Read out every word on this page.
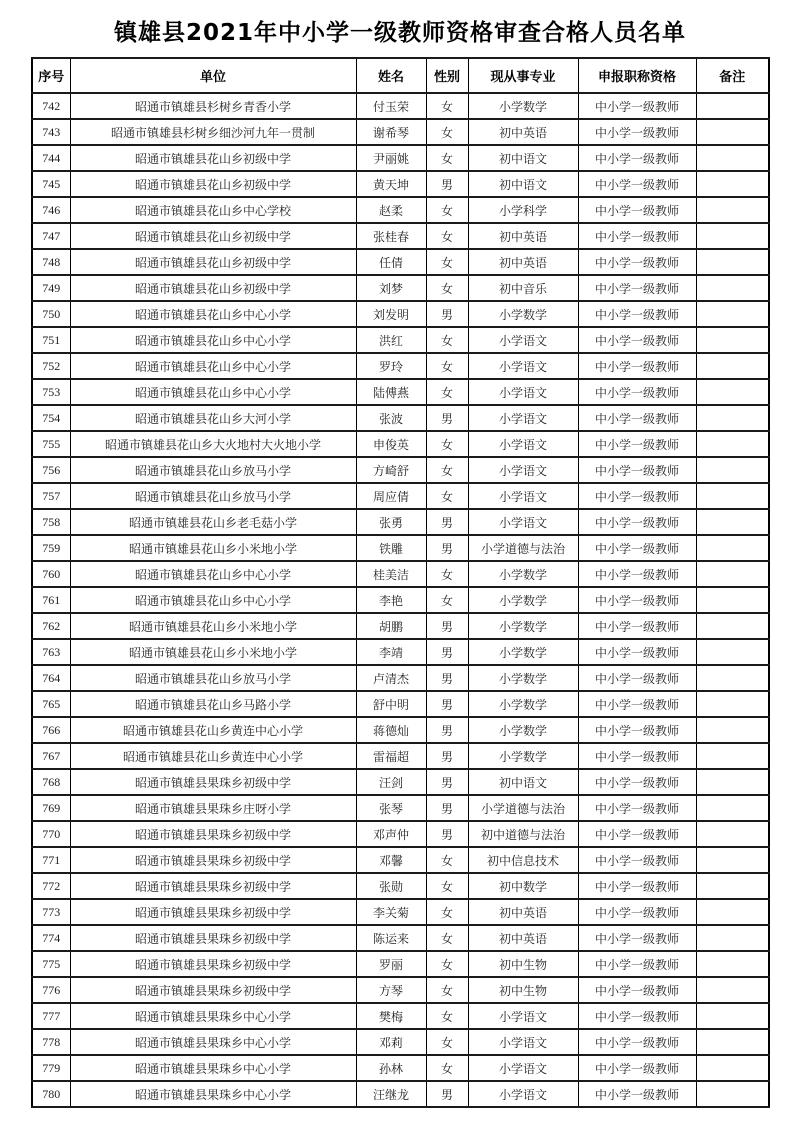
镇雄县2021年中小学一级教师资格审查合格人员名单
序号	单位	姓名	性别	现从事专业	申报职称资格	备注
742	昭通市镇雄县杉树乡青香小学	付玉荣	女	小学数学	中小学一级教师	
743	昭通市镇雄县杉树乡细沙河九年一贯制	谢希琴	女	初中英语	中小学一级教师	
744	昭通市镇雄县花山乡初级中学	尹丽姚	女	初中语文	中小学一级教师	
745	昭通市镇雄县花山乡初级中学	黄天坤	男	初中语文	中小学一级教师	
746	昭通市镇雄县花山乡中心学校	赵柔	女	小学科学	中小学一级教师	
747	昭通市镇雄县花山乡初级中学	张桂春	女	初中英语	中小学一级教师	
748	昭通市镇雄县花山乡初级中学	任倩	女	初中英语	中小学一级教师	
749	昭通市镇雄县花山乡初级中学	刘梦	女	初中音乐	中小学一级教师	
750	昭通市镇雄县花山乡中心小学	刘发明	男	小学数学	中小学一级教师	
751	昭通市镇雄县花山乡中心小学	洪红	女	小学语文	中小学一级教师	
752	昭通市镇雄县花山乡中心小学	罗玲	女	小学语文	中小学一级教师	
753	昭通市镇雄县花山乡中心小学	陆傅燕	女	小学语文	中小学一级教师	
754	昭通市镇雄县花山乡大河小学	张波	男	小学语文	中小学一级教师	
755	昭通市镇雄县花山乡大火地村大火地小学	申俊英	女	小学语文	中小学一级教师	
756	昭通市镇雄县花山乡放马小学	方崎舒	女	小学语文	中小学一级教师	
757	昭通市镇雄县花山乡放马小学	周应倩	女	小学语文	中小学一级教师	
758	昭通市镇雄县花山乡老毛菇小学	张勇	男	小学语文	中小学一级教师	
759	昭通市镇雄县花山乡小米地小学	铁雕	男	小学道德与法治	中小学一级教师	
760	昭通市镇雄县花山乡中心小学	桂美洁	女	小学数学	中小学一级教师	
761	昭通市镇雄县花山乡中心小学	李艳	女	小学数学	中小学一级教师	
762	昭通市镇雄县花山乡小米地小学	胡鹏	男	小学数学	中小学一级教师	
763	昭通市镇雄县花山乡小米地小学	李靖	男	小学数学	中小学一级教师	
764	昭通市镇雄县花山乡放马小学	卢清杰	男	小学数学	中小学一级教师	
765	昭通市镇雄县花山乡马路小学	舒中明	男	小学数学	中小学一级教师	
766	昭通市镇雄县花山乡黄连中心小学	蒋德灿	男	小学数学	中小学一级教师	
767	昭通市镇雄县花山乡黄连中心小学	雷福超	男	小学数学	中小学一级教师	
768	昭通市镇雄县果珠乡初级中学	汪剑	男	初中语文	中小学一级教师	
769	昭通市镇雄县果珠乡庄呀小学	张琴	男	小学道德与法治	中小学一级教师	
770	昭通市镇雄县果珠乡初级中学	邓声仲	男	初中道德与法治	中小学一级教师	
771	昭通市镇雄县果珠乡初级中学	邓馨	女	初中信息技术	中小学一级教师	
772	昭通市镇雄县果珠乡初级中学	张勋	女	初中数学	中小学一级教师	
773	昭通市镇雄县果珠乡初级中学	李关菊	女	初中英语	中小学一级教师	
774	昭通市镇雄县果珠乡初级中学	陈运来	女	初中英语	中小学一级教师	
775	昭通市镇雄县果珠乡初级中学	罗丽	女	初中生物	中小学一级教师	
776	昭通市镇雄县果珠乡初级中学	方琴	女	初中生物	中小学一级教师	
777	昭通市镇雄县果珠乡中心小学	樊梅	女	小学语文	中小学一级教师	
778	昭通市镇雄县果珠乡中心小学	邓莉	女	小学语文	中小学一级教师	
779	昭通市镇雄县果珠乡中心小学	孙林	女	小学语文	中小学一级教师	
780	昭通市镇雄县果珠乡中心小学	汪继龙	男	小学语文	中小学一级教师	
